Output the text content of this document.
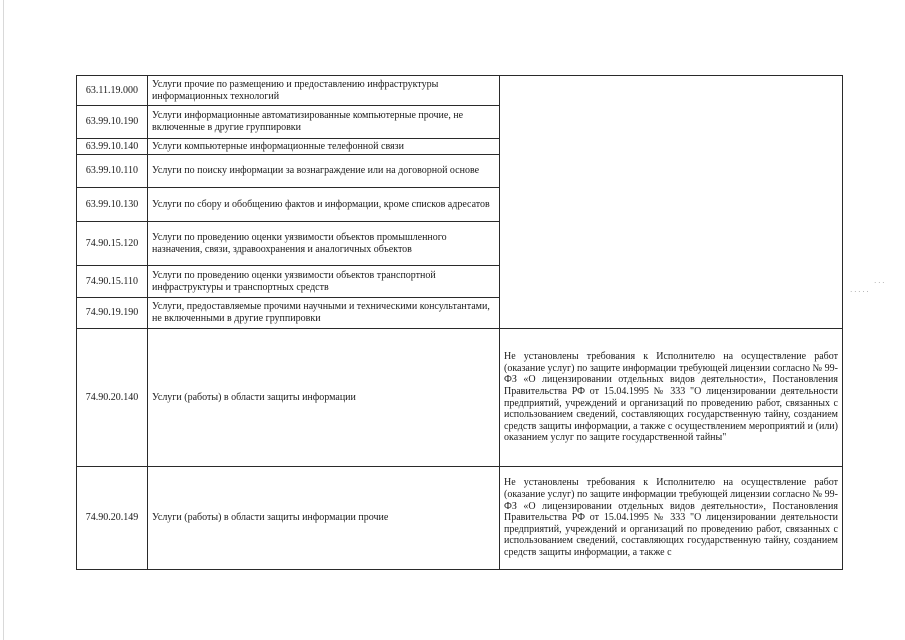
63.11.19.000	Услуги прочие по размещению и предоставлению инфраструктуры информационных технологий	
63.99.10.190	Услуги информационные автоматизированные компьютерные прочие, не включенные в другие группировки	
63.99.10.140	Услуги компьютерные информационные телефонной связи	
63.99.10.110	Услуги по поиску информации за вознаграждение или на договорной основе	
63.99.10.130	Услуги по сбору и обобщению фактов и информации, кроме списков адресатов	
74.90.15.120	Услуги по проведению оценки уязвимости объектов промышленного назначения, связи, здравоохранения и аналогичных объектов	
74.90.15.110	Услуги по проведению оценки уязвимости объектов транспортной инфраструктуры и транспортных средств	
74.90.19.190	Услуги, предоставляемые прочими научными и техническими консультантами, не включенными в другие группировки	
74.90.20.140	Услуги (работы) в области защиты информации	Не установлены требования к Исполнителю на осуществление работ (оказание услуг) по защите информации требующей лицензии согласно № 99-ФЗ «О лицензировании отдельных видов деятельности», Постановления Правительства РФ от 15.04.1995 № 333 "О лицензировании деятельности предприятий, учреждений и организаций по проведению работ, связанных с использованием сведений, составляющих государственную тайну, созданием средств защиты информации, а также с осуществлением мероприятий и (или) оказанием услуг по защите государственной тайны"
74.90.20.149	Услуги (работы) в области защиты информации прочие	Не установлены требования к Исполнителю на осуществление работ (оказание услуг) по защите информации требующей лицензии согласно № 99-ФЗ «О лицензировании отдельных видов деятельности», Постановления Правительства РФ от 15.04.1995 № 333 "О лицензировании деятельности предприятий, учреждений и организаций по проведению работ, связанных с использованием сведений, составляющих государственную тайну, созданием средств защиты информации, а также с
· · ·
· · · · ·
